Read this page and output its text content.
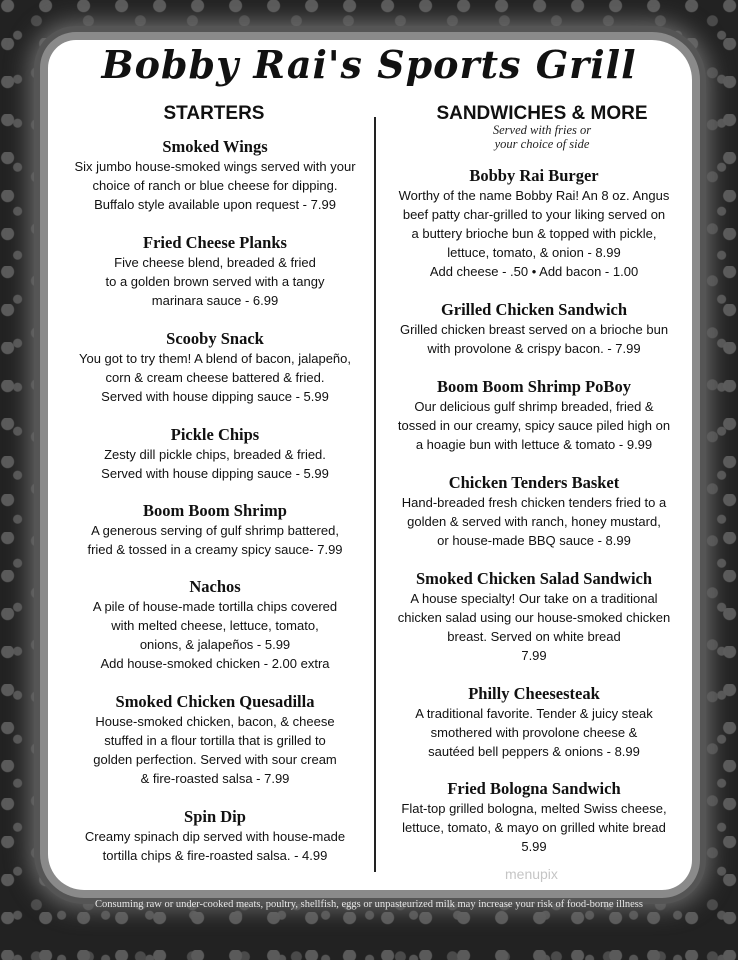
Bobby Rai's Sports Grill
STARTERS	SANDWICHES & MORE
Served with fries or
your choice of side
Smoked Wings

Six jumbo house-smoked wings served with your

choice of ranch or blue cheese for dipping.

Buffalo style available upon request - 7.99

Fried Cheese Planks

Five cheese blend, breaded & fried

to a golden brown served with a tangy

marinara sauce - 6.99

Scooby Snack

You got to try them! A blend of bacon, jalapeño,

corn & cream cheese battered & fried.

Served with house dipping sauce - 5.99

Pickle Chips

Zesty dill pickle chips, breaded & fried.

Served with house dipping sauce - 5.99

Boom Boom Shrimp

A generous serving of gulf shrimp battered,

fried & tossed in a creamy spicy sauce- 7.99

Nachos

A pile of house-made tortilla chips covered

with melted cheese, lettuce, tomato,

onions, & jalapeños - 5.99

Add house-smoked chicken - 2.00 extra

Smoked Chicken Quesadilla

House-smoked chicken, bacon, & cheese

stuffed in a flour tortilla that is grilled to

golden perfection. Served with sour cream

& fire-roasted salsa - 7.99

Spin Dip

Creamy spinach dip served with house-made

tortilla chips & fire-roasted salsa. - 4.99

Bobby Rai Burger

Worthy of the name Bobby Rai! An 8 oz. Angus

beef patty char-grilled to your liking served on

a buttery brioche bun & topped with pickle,

lettuce, tomato, & onion - 8.99

Add cheese - .50 • Add bacon - 1.00

Grilled Chicken Sandwich

Grilled chicken breast served on a brioche bun

with provolone & crispy bacon. - 7.99

Boom Boom Shrimp PoBoy

Our delicious gulf shrimp breaded, fried &

tossed in our creamy, spicy sauce piled high on

a hoagie bun with lettuce & tomato - 9.99

Chicken Tenders Basket

Hand-breaded fresh chicken tenders fried to a

golden & served with ranch, honey mustard,

or house-made BBQ sauce - 8.99

Smoked Chicken Salad Sandwich

A house specialty! Our take on a traditional

chicken salad using our house-smoked chicken

breast. Served on white bread

7.99

Philly Cheesesteak

A traditional favorite. Tender & juicy steak

smothered with provolone cheese &

sautéed bell peppers & onions - 8.99

Fried Bologna Sandwich

Flat-top grilled bologna, melted Swiss cheese,

lettuce, tomato, & mayo on grilled white bread

5.99

menupix

Consuming raw or under-cooked meats, poultry, shellfish, eggs or unpasteurized milk may increase your risk of food-borne illness
